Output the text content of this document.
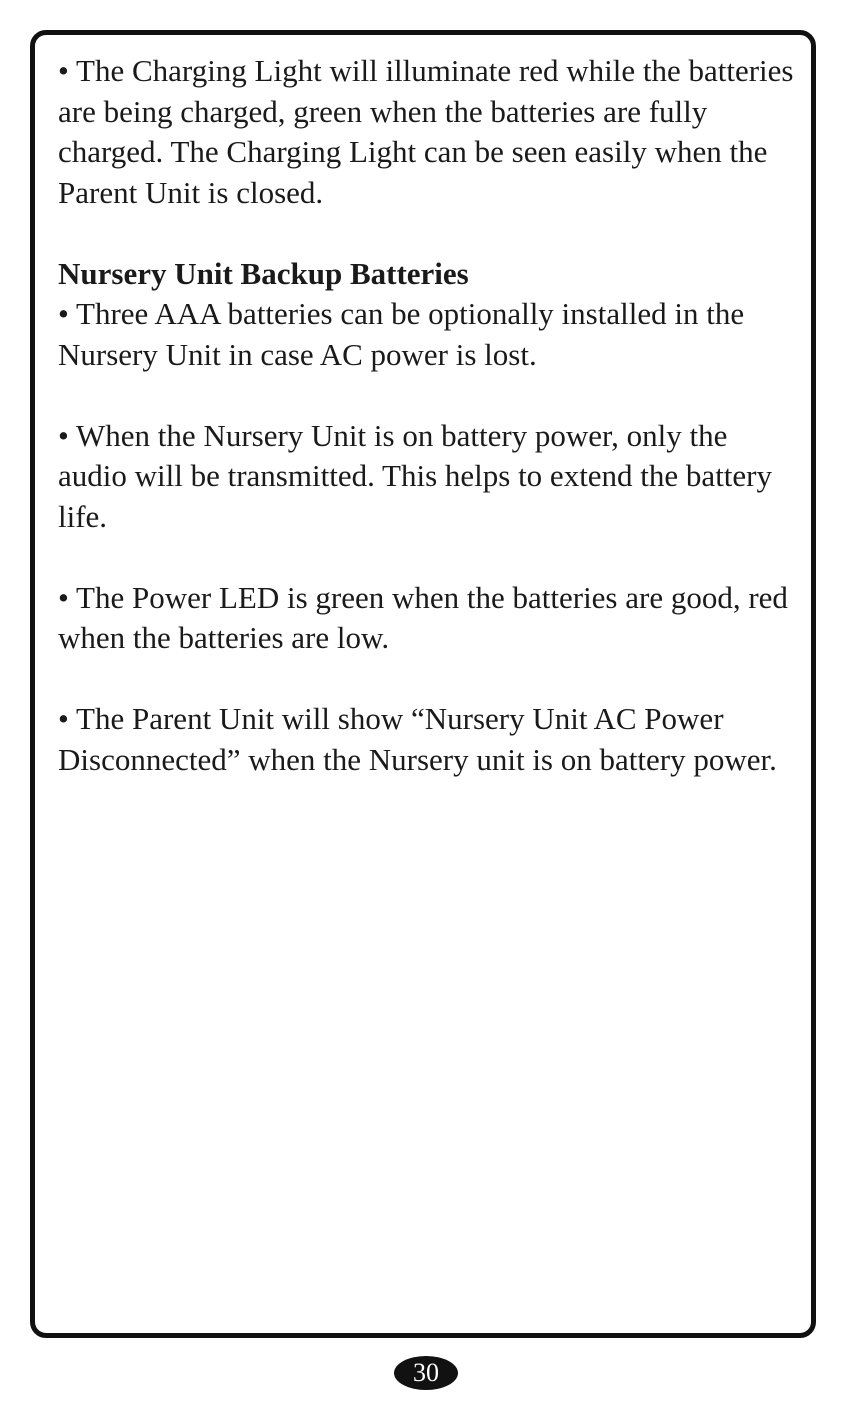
• The Charging Light will illuminate red while the batteries are being charged, green when the batteries are fully charged. The Charging Light can be seen easily when the Parent Unit is closed.

Nursery Unit Backup Batteries

• Three AAA batteries can be optionally installed in the Nursery Unit in case AC power is lost.

• When the Nursery Unit is on battery power, only the audio will be transmitted. This helps to extend the battery life.

• The Power LED is green when the batteries are good, red when the batteries are low.

• The Parent Unit will show “Nursery Unit AC Power Disconnected” when the Nursery unit is on battery power.

30
